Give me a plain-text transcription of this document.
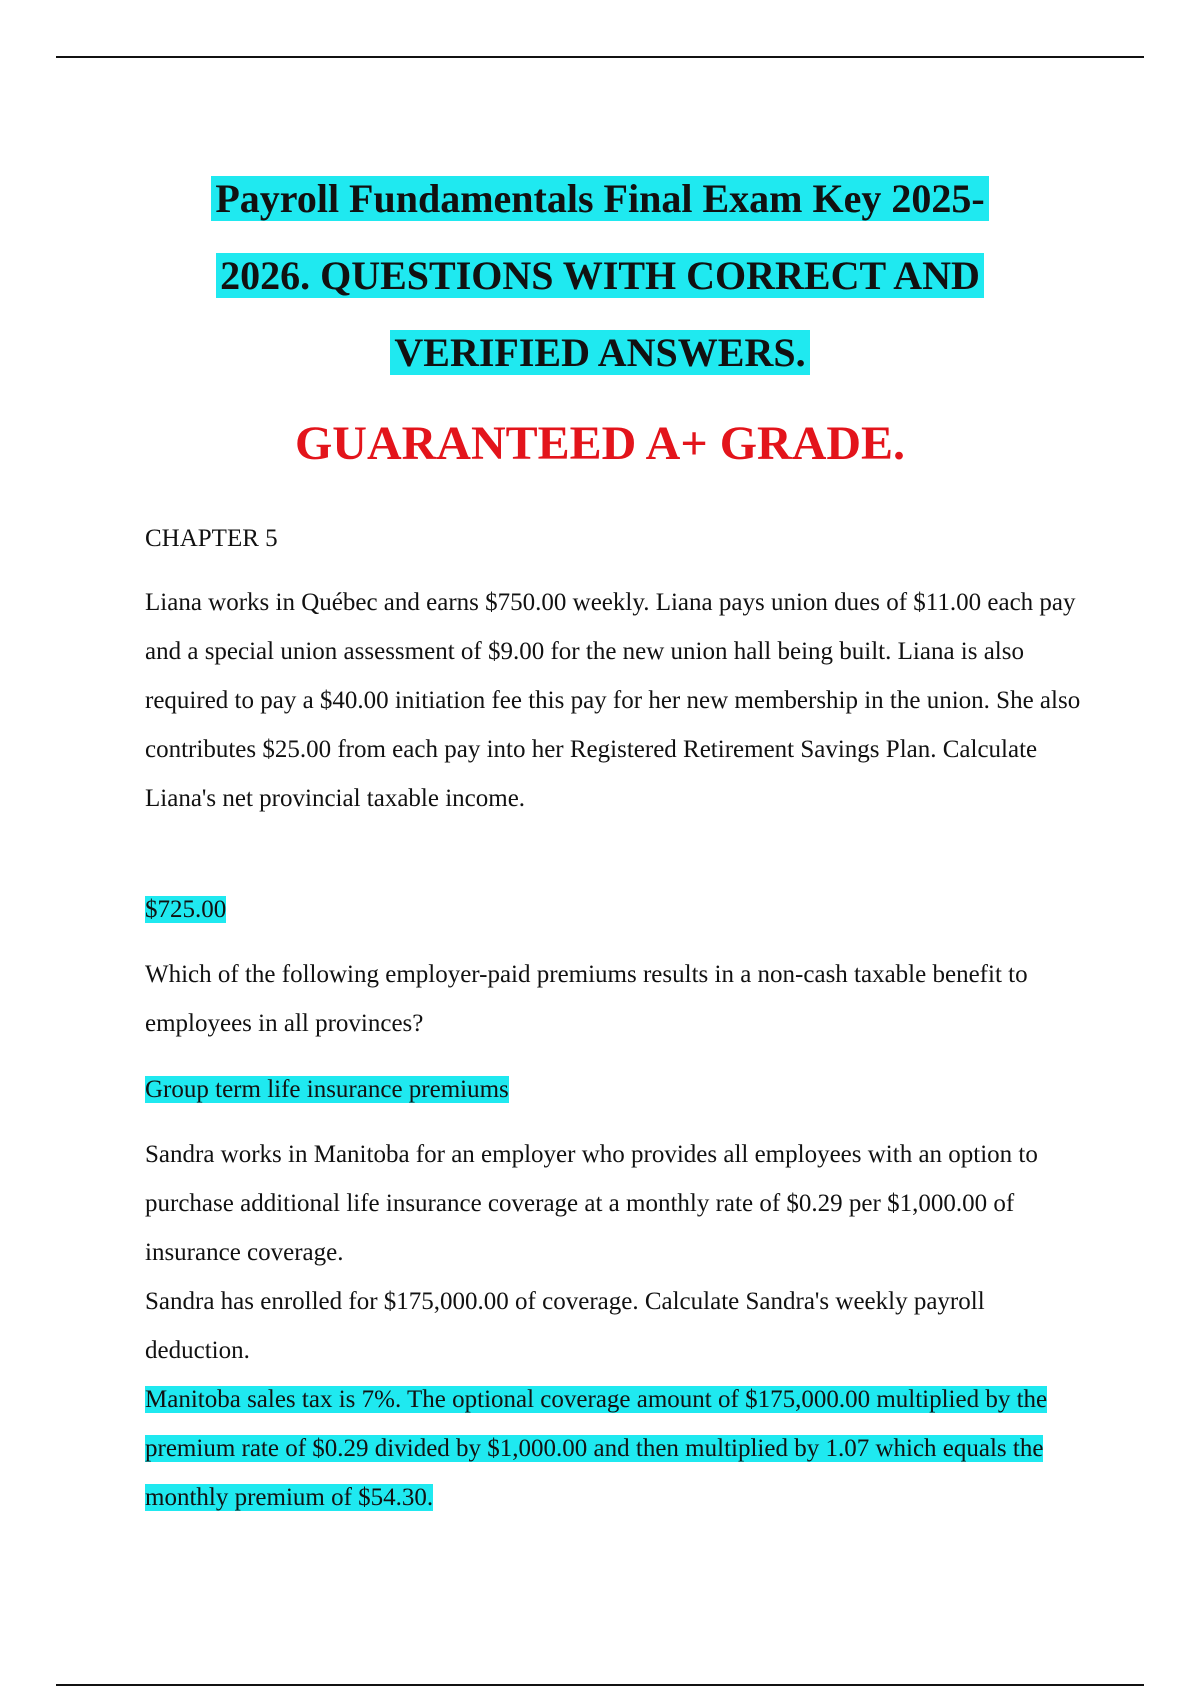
Payroll Fundamentals Final Exam Key 2025-
2026. QUESTIONS WITH CORRECT AND
VERIFIED ANSWERS.

GUARANTEED A+ GRADE.

CHAPTER 5

Liana works in Québec and earns $750.00 weekly. Liana pays union dues of $11.00 each pay and a special union assessment of $9.00 for the new union hall being built. Liana is also required to pay a $40.00 initiation fee this pay for her new membership in the union. She also contributes $25.00 from each pay into her Registered Retirement Savings Plan. Calculate Liana's net provincial taxable income.

$725.00

Which of the following employer-paid premiums results in a non-cash taxable benefit to employees in all provinces?

Group term life insurance premiums

Sandra works in Manitoba for an employer who provides all employees with an option to purchase additional life insurance coverage at a monthly rate of $0.29 per $1,000.00 of insurance coverage.
Sandra has enrolled for $175,000.00 of coverage. Calculate Sandra's weekly payroll deduction.
Manitoba sales tax is 7%. The optional coverage amount of $175,000.00 multiplied by the premium rate of $0.29 divided by $1,000.00 and then multiplied by 1.07 which equals the monthly premium of $54.30.
